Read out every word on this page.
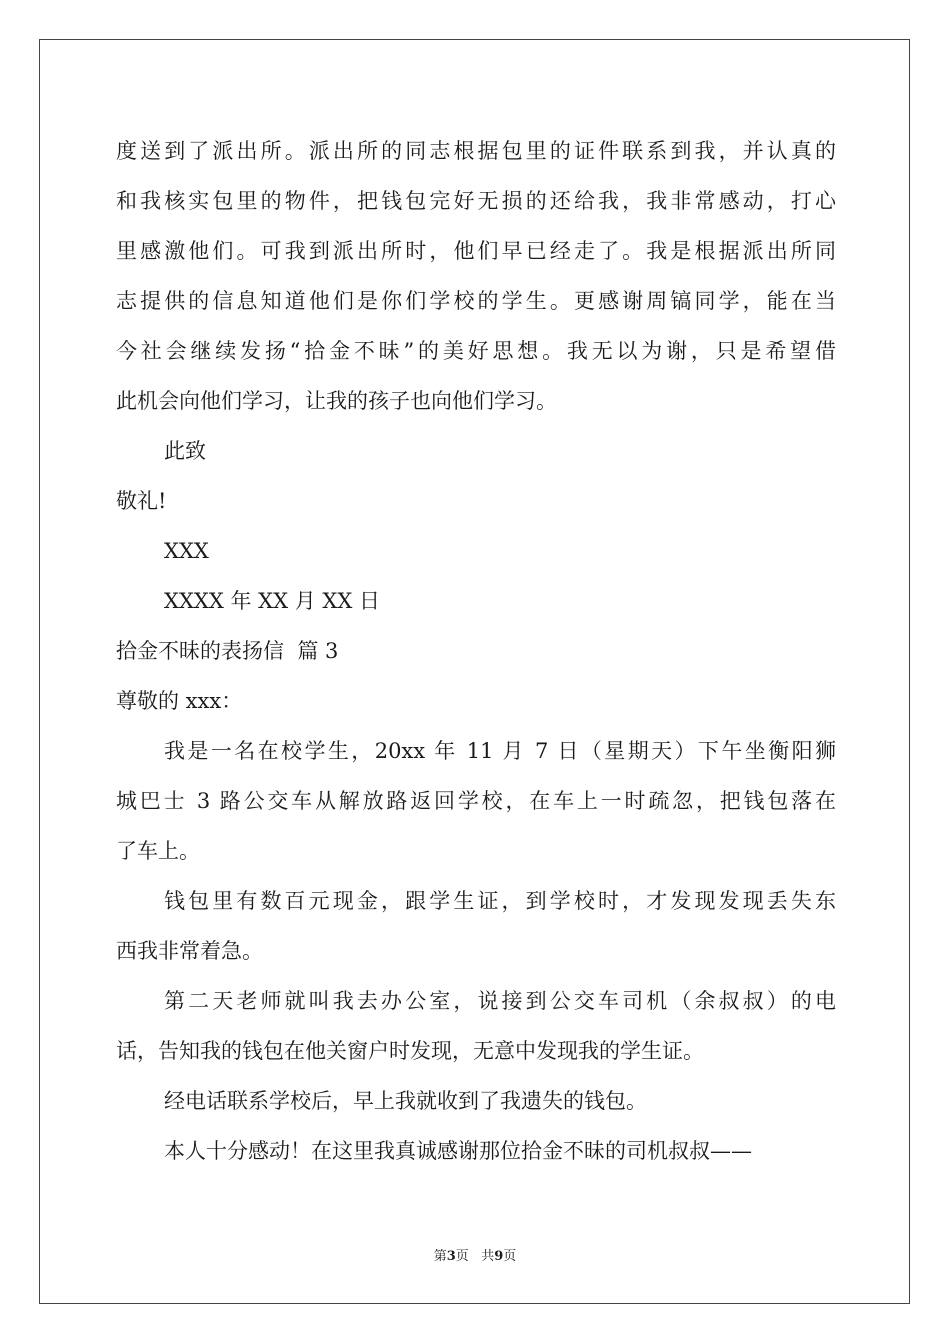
度送到了派出所。派出所的同志根据包里的证件联系到我，并认真的
和我核实包里的物件，把钱包完好无损的还给我，我非常感动，打心
里感激他们。可我到派出所时，他们早已经走了。我是根据派出所同
志提供的信息知道他们是你们学校的学生。更感谢周镐同学，能在当
今社会继续发扬“拾金不昧”的美好思想。我无以为谢，只是希望借
此机会向他们学习，让我的孩子也向他们学习。
此致
敬礼!
XXX
XXXX 年 XX 月 XX 日
拾金不昧的表扬信  篇 3
尊敬的 xxx：
我是一名在校学生，20xx 年 11 月 7 日（星期天）下午坐衡阳狮
城巴士 3 路公交车从解放路返回学校，在车上一时疏忽，把钱包落在
了车上。
钱包里有数百元现金，跟学生证，到学校时，才发现发现丢失东
西我非常着急。
第二天老师就叫我去办公室，说接到公交车司机（余叔叔）的电
话，告知我的钱包在他关窗户时发现，无意中发现我的学生证。
经电话联系学校后，早上我就收到了我遗失的钱包。
本人十分感动！在这里我真诚感谢那位拾金不昧的司机叔叔——
第3页 共9页
